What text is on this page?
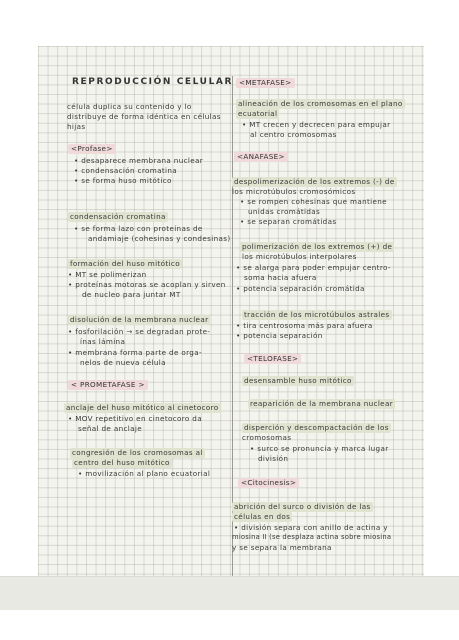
REPRODUCCIÓN CELULAR
célula duplica su contenido y lo
distribuye de forma idéntica en células
hijas
<Profase>
• desaparece membrana nuclear
• condensación cromatina
• se forma huso mitótico
condensación cromatina
• se forma lazo con proteínas de
andamiaje (cohesinas y condesinas)
formación del huso mitótico
• MT se polimerizan
• proteínas motoras se acoplan y sirven
de nucleo para juntar MT
disolución de la membrana nuclear
• fosforilación → se degradan prote-
ínas lámina
• membrana forma parte de orga-
nelos de nueva célula
< PROMETAFASE >
anclaje del huso mitótico al cinetocoro
• MOV repetitivo en cinetocoro da
señal de anclaje
congresión de los cromosomas al
centro del huso mitótico
• movilización al plano ecuatorial
<METAFASE>
alineación de los cromosomas en el plano
ecuatorial
• MT crecen y decrecen para empujar
al centro cromosomas
<ANAFASE>
despolimerización de los extremos (-) de
los microtúbulos cromosómicos
• se rompen cohesinas que mantiene
unidas cromátidas
• se separan cromátidas
polimerización de los extremos (+) de
los microtúbulos interpolares
• se alarga para poder empujar centro-
soma hacia afuera
• potencia separación cromátida
tracción de los microtúbulos astrales
• tira centrosoma más para afuera
• potencia separación
<TELOFASE>
desensamble huso mitótico
reaparición de la membrana nuclear
disperción y descompactación de los
cromosomas
• surco se pronuncia y marca lugar
división
<Citocinesis>
abrición del surco o división de las
células en dos
• división separa con anillo de actina y
miosina II (se desplaza actina sobre miosina
y se separa la membrana
